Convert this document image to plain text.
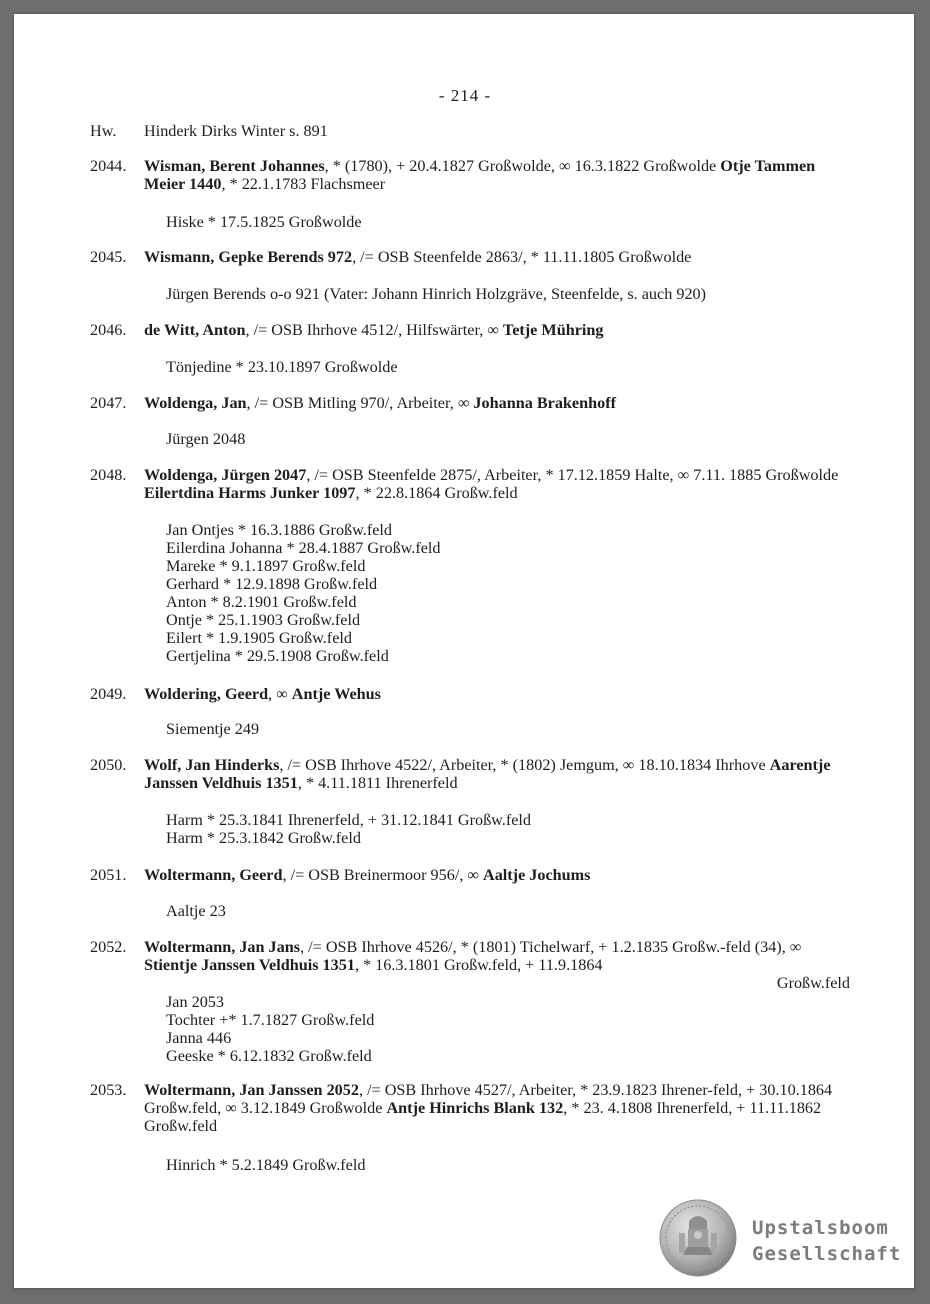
- 214 -
Hw.	Hinderk Dirks Winter s. 891
2044.	Wisman, Berent Johannes, * (1780), + 20.4.1827 Großwolde, ∞ 16.3.1822 Großwolde Otje Tammen Meier 1440, * 22.1.1783 Flachsmeer
Hiske * 17.5.1825 Großwolde
2045.	Wismann, Gepke Berends 972, /= OSB Steenfelde 2863/, * 11.11.1805 Großwolde
Jürgen Berends o-o 921 (Vater: Johann Hinrich Holzgräve, Steenfelde, s. auch 920)
2046.	de Witt, Anton, /= OSB Ihrhove 4512/, Hilfswärter, ∞ Tetje Mühring
Tönjedine * 23.10.1897 Großwolde
2047.	Woldenga, Jan, /= OSB Mitling 970/, Arbeiter, ∞ Johanna Brakenhoff
Jürgen 2048
2048.	Woldenga, Jürgen 2047, /= OSB Steenfelde 2875/, Arbeiter, * 17.12.1859 Halte, ∞ 7.11. 1885 Großwolde Eilertdina Harms Junker 1097, * 22.8.1864 Großw.feld
Jan Ontjes * 16.3.1886 Großw.feld
Eilerdina Johanna * 28.4.1887 Großw.feld
Mareke * 9.1.1897 Großw.feld
Gerhard * 12.9.1898 Großw.feld
Anton * 8.2.1901 Großw.feld
Ontje * 25.1.1903 Großw.feld
Eilert * 1.9.1905 Großw.feld
Gertjelina * 29.5.1908 Großw.feld
2049.	Woldering, Geerd, ∞ Antje Wehus
Siementje 249
2050.	Wolf, Jan Hinderks, /= OSB Ihrhove 4522/, Arbeiter, * (1802) Jemgum, ∞ 18.10.1834 Ihrhove Aarentje Janssen Veldhuis 1351, * 4.11.1811 Ihrenerfeld
Harm * 25.3.1841 Ihrenerfeld, + 31.12.1841 Großw.feld
Harm * 25.3.1842 Großw.feld
2051.	Woltermann, Geerd, /= OSB Breinermoor 956/, ∞ Aaltje Jochums
Aaltje 23
2052.	Woltermann, Jan Jans, /= OSB Ihrhove 4526/, * (1801) Tichelwarf, + 1.2.1835 Großw.-feld (34), ∞ Stientje Janssen Veldhuis 1351, * 16.3.1801 Großw.feld, + 11.9.1864
Großw.feld
Jan 2053
Tochter +* 1.7.1827 Großw.feld
Janna 446
Geeske * 6.12.1832 Großw.feld
2053.	Woltermann, Jan Janssen 2052, /= OSB Ihrhove 4527/, Arbeiter, * 23.9.1823 Ihrener-feld, + 30.10.1864 Großw.feld, ∞ 3.12.1849 Großwolde Antje Hinrichs Blank 132, * 23. 4.1808 Ihrenerfeld, + 11.11.1862 Großw.feld
Hinrich * 5.2.1849 Großw.feld
Upstalsboom
Gesellschaft
